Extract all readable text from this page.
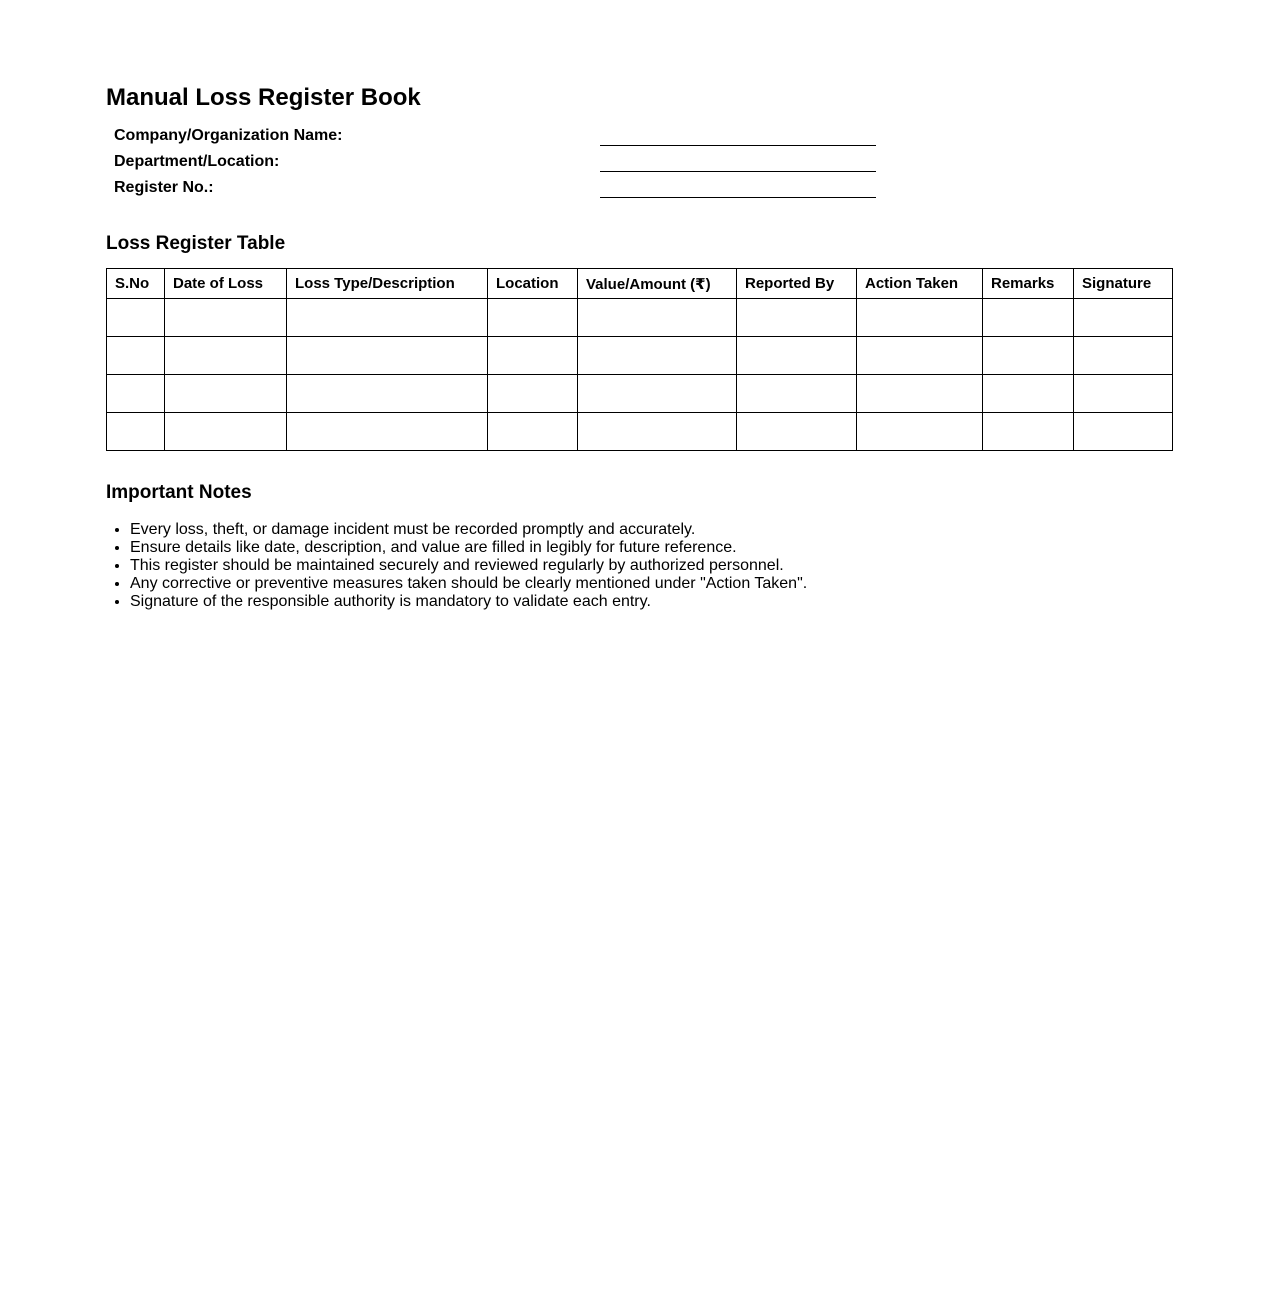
Manual Loss Register Book
Company/Organization Name:	

Department/Location:	

Register No.:	
Loss Register Table
S.No	Date of Loss	Loss Type/Description	Location	Value/Amount (₹)	Reported By	Action Taken	Remarks	Signature

Important Notes
• Every loss, theft, or damage incident must be recorded promptly and accurately.
• Ensure details like date, description, and value are filled in legibly for future reference.
• This register should be maintained securely and reviewed regularly by authorized personnel.
• Any corrective or preventive measures taken should be clearly mentioned under "Action Taken".
• Signature of the responsible authority is mandatory to validate each entry.
